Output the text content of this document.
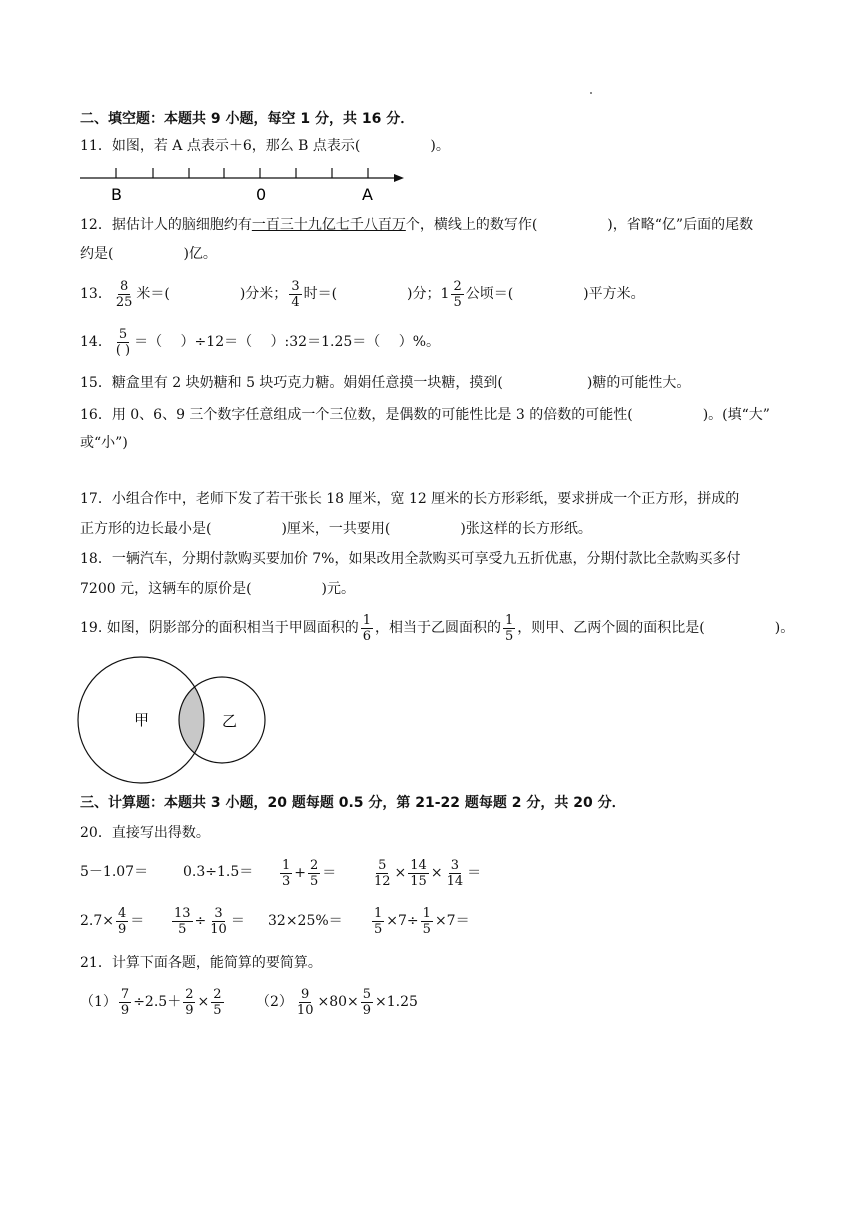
二、填空题：本题共 9 小题，每空 1 分，共 16 分．
11．如图，若 A 点表示＋6，那么 B 点表示(　　　　　)。
B	0	A
12．据估计人的脑细胞约有一百三十九亿七千八百万个，横线上的数写作(　　　　　)，省略“亿”后面的尾数
约是(　　　　　)亿。
13． $\frac{8}{25}$ 米＝(　　　　　)分米； $\frac{3}{4}$ 时＝(　　　　　)分；$1 \frac{2}{5}$ 公顷＝(　　　　　)平方米。
14． $\frac{5}{( )}$ ＝（　 ）÷12＝（　 ）:32＝1.25＝（　 ）%。
15．糖盒里有 2 块奶糖和 5 块巧克力糖。娟娟任意摸一块糖，摸到(　　　　　　)糖的可能性大。
16．用 0、6、9 三个数字任意组成一个三位数，是偶数的可能性比是 3 的倍数的可能性(　　　　　)。(填“大”
或“小”)
17．小组合作中，老师下发了若干张长 18 厘米，宽 12 厘米的长方形彩纸，要求拼成一个正方形，拼成的
正方形的边长最小是(　　　　　)厘米，一共要用(　　　　　)张这样的长方形纸。
18．一辆汽车，分期付款购买要加价 7%，如果改用全款购买可享受九五折优惠，分期付款比全款购买多付
7200 元，这辆车的原价是(　　　　　)元。
19. 如图，阴影部分的面积相当于甲圆面积的 $\frac{1}{6}$ ，相当于乙圆面积的 $\frac{1}{5}$ ，则甲、乙两个圆的面积比是(　　　　　)。
甲	乙
三、计算题：本题共 3 小题，20 题每题 0.5 分，第 21-22 题每题 2 分，共 20 分．
20．直接写出得数。
$5-1.07= 0.3\div 1.5= \frac{1}{3} + \frac{2}{5}$ ＝	$\frac{5}{12} \times \frac{14}{15} \times \frac{3}{14}$ ＝
$2.7\times \frac{4}{9} = \frac{13}{5} \div \frac{3}{10} = 32\times 25\%= \frac{1}{5} \times 7\div \frac{1}{5} \times 7=$
21．计算下面各题，能简算的要简算。
$(1) \frac{7}{9} \div 2.5+ \frac{2}{9} \times \frac{2}{5} (2) \frac{9}{10} \times 80\times \frac{5}{9} \times 1.25$
